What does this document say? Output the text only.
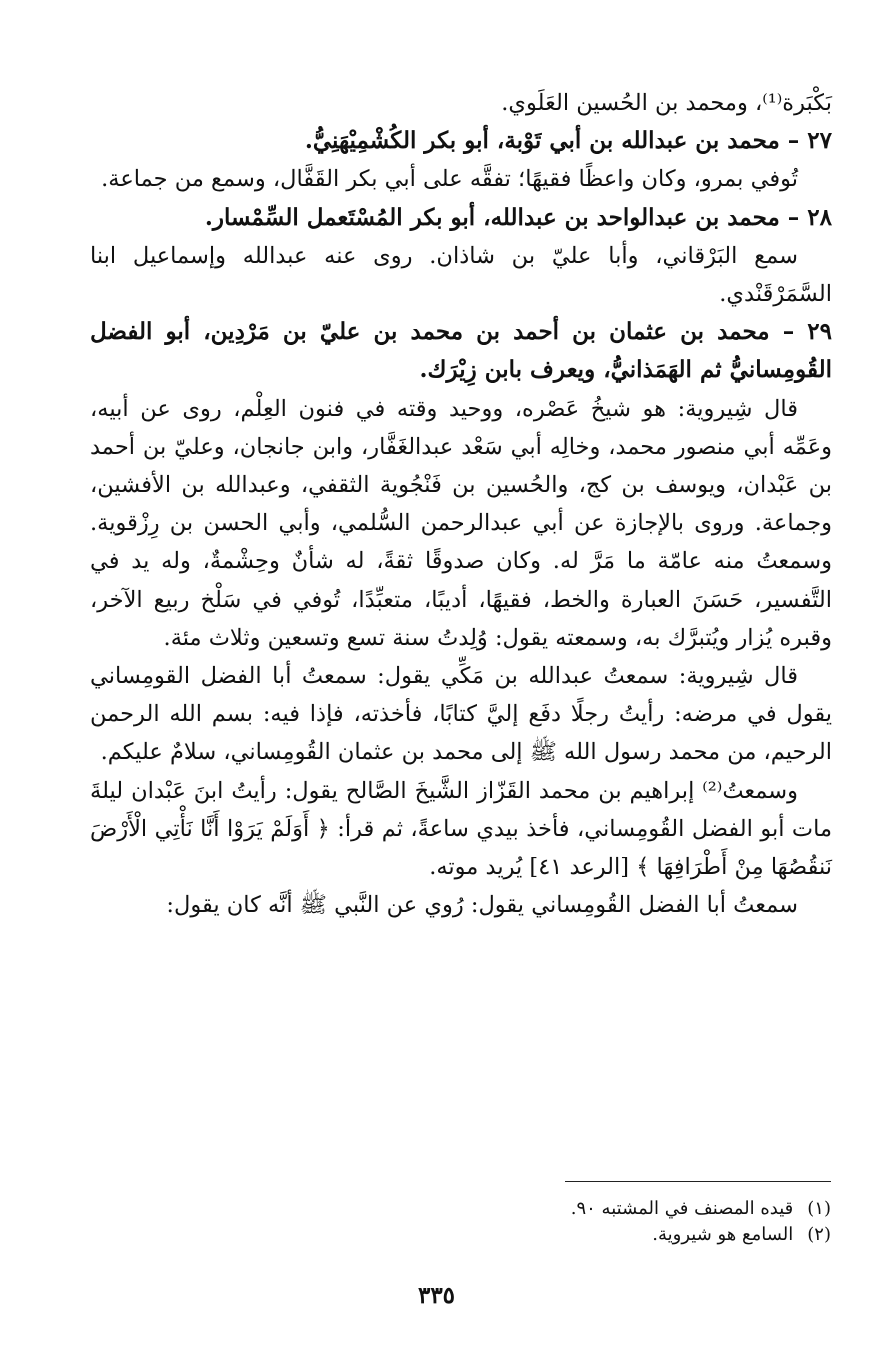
بَكْبَرة⁽¹⁾، ومحمد بن الحُسين العَلَوي.

٢٧ – محمد بن عبدالله بن أبي تَوْبة، أبو بكر الكُشْمِيْهَنِيُّ.

تُوفي بمرو، وكان واعظًا فقيهًا؛ تفقَّه على أبي بكر القَفَّال، وسمع من جماعة.

٢٨ – محمد بن عبدالواحد بن عبدالله، أبو بكر المُسْتَعمل السِّمْسار.

سمع البَرْقاني، وأبا عليّ بن شاذان. روى عنه عبدالله وإسماعيل ابنا السَّمَرْقَنْدي.

٢٩ – محمد بن عثمان بن أحمد بن محمد بن عليّ بن مَرْدِين، أبو الفضل القُومِسانيُّ ثم الهَمَذانيُّ، ويعرف بابن زِيْرَك.

قال شِيروية: هو شيخُ عَصْره، ووحيد وقته في فنون العِلْم، روى عن أبيه، وعَمِّه أبي منصور محمد، وخالِه أبي سَعْد عبدالغَفَّار، وابن جانجان، وعليّ بن أحمد بن عَبْدان، ويوسف بن كج، والحُسين بن فَنْجُوية الثقفي، وعبدالله بن الأفشين، وجماعة. وروى بالإجازة عن أبي عبدالرحمن السُّلمي، وأبي الحسن بن رِزْقوية. وسمعتُ منه عامّة ما مَرَّ له. وكان صدوقًا ثقةً، له شأنٌ وحِشْمةٌ، وله يد في التَّفسير، حَسَنَ العبارة والخط، فقيهًا، أديبًا، متعبِّدًا، تُوفي في سَلْخ ربيع الآخر، وقبره يُزار ويُتبرَّك به، وسمعته يقول: وُلِدتُ سنة تسع وتسعين وثلاث مئة.

قال شِيروية: سمعتُ عبدالله بن مَكِّي يقول: سمعتُ أبا الفضل القومِساني يقول في مرضه: رأيتُ رجلًا دفَع إليَّ كتابًا، فأخذته، فإذا فيه: بسم الله الرحمن الرحيم، من محمد رسول الله ﷺ إلى محمد بن عثمان القُومِساني، سلامٌ عليكم.

وسمعتُ⁽²⁾ إبراهيم بن محمد القَزّاز الشَّيخَ الصَّالح يقول: رأيتُ ابنَ عَبْدان ليلةَ مات أبو الفضل القُومِساني، فأخذ بيدي ساعةً، ثم قرأ: ﴿ أَوَلَمْ يَرَوْا أَنَّا نَأْتِي الْأَرْضَ نَنقُصُهَا مِنْ أَطْرَافِهَا ﴾ [الرعد ٤١] يُريد موته.

سمعتُ أبا الفضل القُومِساني يقول: رُوي عن النَّبي ﷺ أنَّه كان يقول:

(١)قيده المصنف في المشتبه ٩٠.

(٢)السامع هو شيروية.

٣٣٥
